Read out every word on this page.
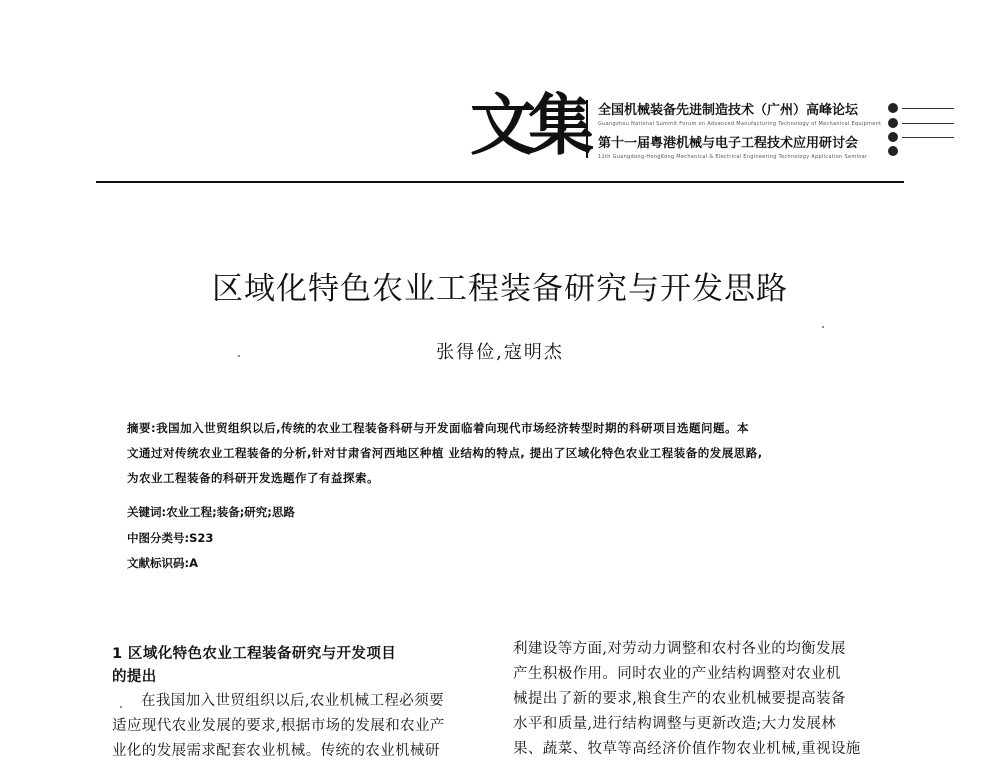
文集 全国机械装备先进制造技术（广州）高峰论坛
Guangzhou National Summit Forum on Advanced Manufacturing Technology of Mechanical Equipment
第十一届粤港机械与电子工程技术应用研讨会
11th Guangdong-HongKong Mechanical & Electrical Engineering Technology Application Seminar
区域化特色农业工程装备研究与开发思路
张得俭,寇明杰
摘要:我国加入世贸组织以后,传统的农业工程装备科研与开发面临着向现代市场经济转型时期的科研项目选题问题。本
文通过对传统农业工程装备的分析,针对甘肃省河西地区种植 业结构的特点, 提出了区域化特色农业工程装备的发展思路,
为农业工程装备的科研开发选题作了有益探索。
关键词:农业工程;装备;研究;思路
中图分类号:S23
文献标识码:A
1 区域化特色农业工程装备研究与开发项目
的提出
在我国加入世贸组织以后,农业机械工程必须要
适应现代农业发展的要求,根据市场的发展和农业产
业化的发展需求配套农业机械。传统的农业机械研
利建设等方面,对劳动力调整和农村各业的均衡发展
产生积极作用。同时农业的产业结构调整对农业机
械提出了新的要求,粮食生产的农业机械要提高装备
水平和质量,进行结构调整与更新改造;大力发展林
果、蔬菜、牧草等高经济价值作物农业机械,重视设施
